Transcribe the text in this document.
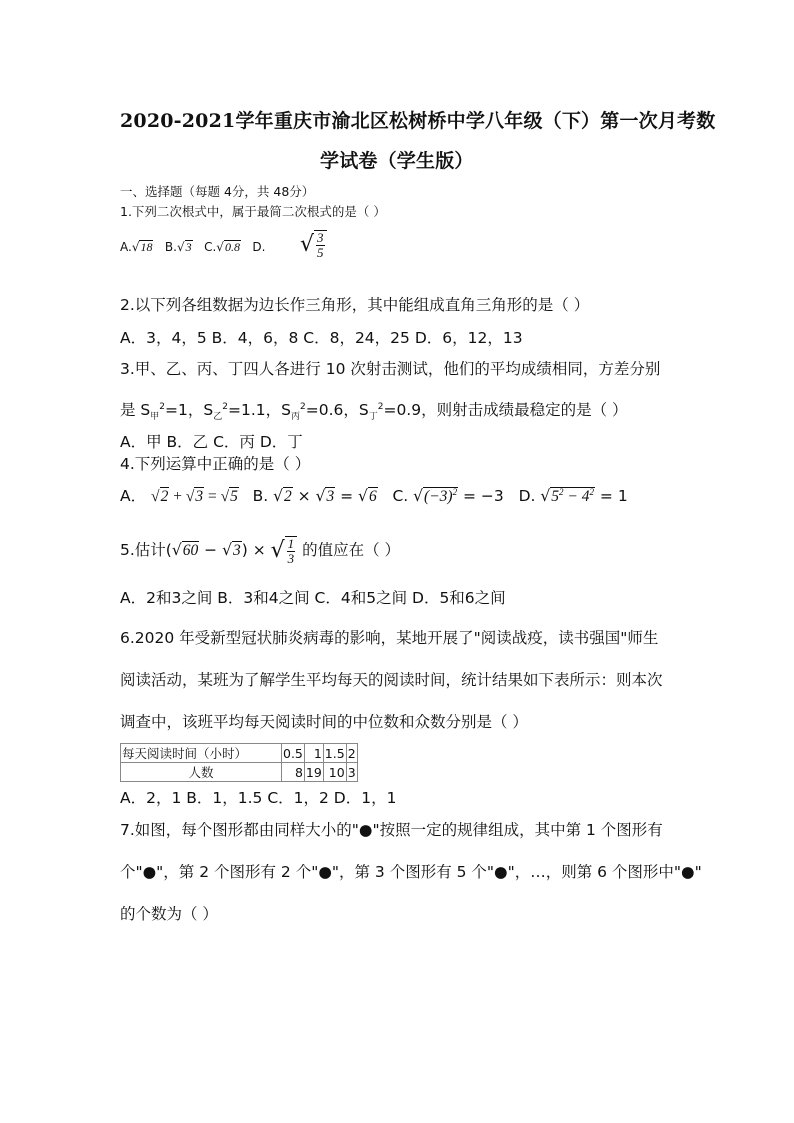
2020-2021学年重庆市渝北区松树桥中学八年级（下）第一次月考数
学试卷（学生版）
一、选择题（每题 4分，共 48分）
1.下列二次根式中，属于最简二次根式的是（ ）
A.√18 B.√3 C.√0.8 D. √ $\frac{3}{5}$
2.以下列各组数据为边长作三角形，其中能组成直角三角形的是（ ）
A．3，4，5 B．4，6，8 C．8，24，25 D．6，12，13
3.甲、乙、丙、丁四人各进行 10 次射击测试，他们的平均成绩相同，方差分别
是 $S_甲^2=1$，$S_乙^2=1.1$，$S_丙^2=0.6$，$S_丁^2=0.9$，则射击成绩最稳定的是（ ）
A．甲 B．乙 C．丙 D．丁
4.下列运算中正确的是（ ）
A． √2 + √3 = √5 B. √2 × √3 = √6 C. $√(-3)^2 = -3$ D. $√5^2 - 4^2 = 1$
5.估计(√60 − √3) × √ $\frac{1}{3}$ 的值应在（ ）
A．2和3之间 B．3和4之间 C．4和5之间 D．5和6之间
6.2020 年受新型冠状肺炎病毒的影响，某地开展了"阅读战疫，读书强国"师生
阅读活动，某班为了解学生平均每天的阅读时间，统计结果如下表所示：则本次
调查中，该班平均每天阅读时间的中位数和众数分别是（ ）
每天阅读时间（小时）	0.5	1	1.5	2
人数	8	19	10	3
A．2，1 B．1，1.5 C．1，2 D．1，1
7.如图，每个图形都由同样大小的"●"按照一定的规律组成，其中第 1 个图形有
个"●"，第 2 个图形有 2 个"●"，第 3 个图形有 5 个"●"，…，则第 6 个图形中"●"
的个数为（ ）
